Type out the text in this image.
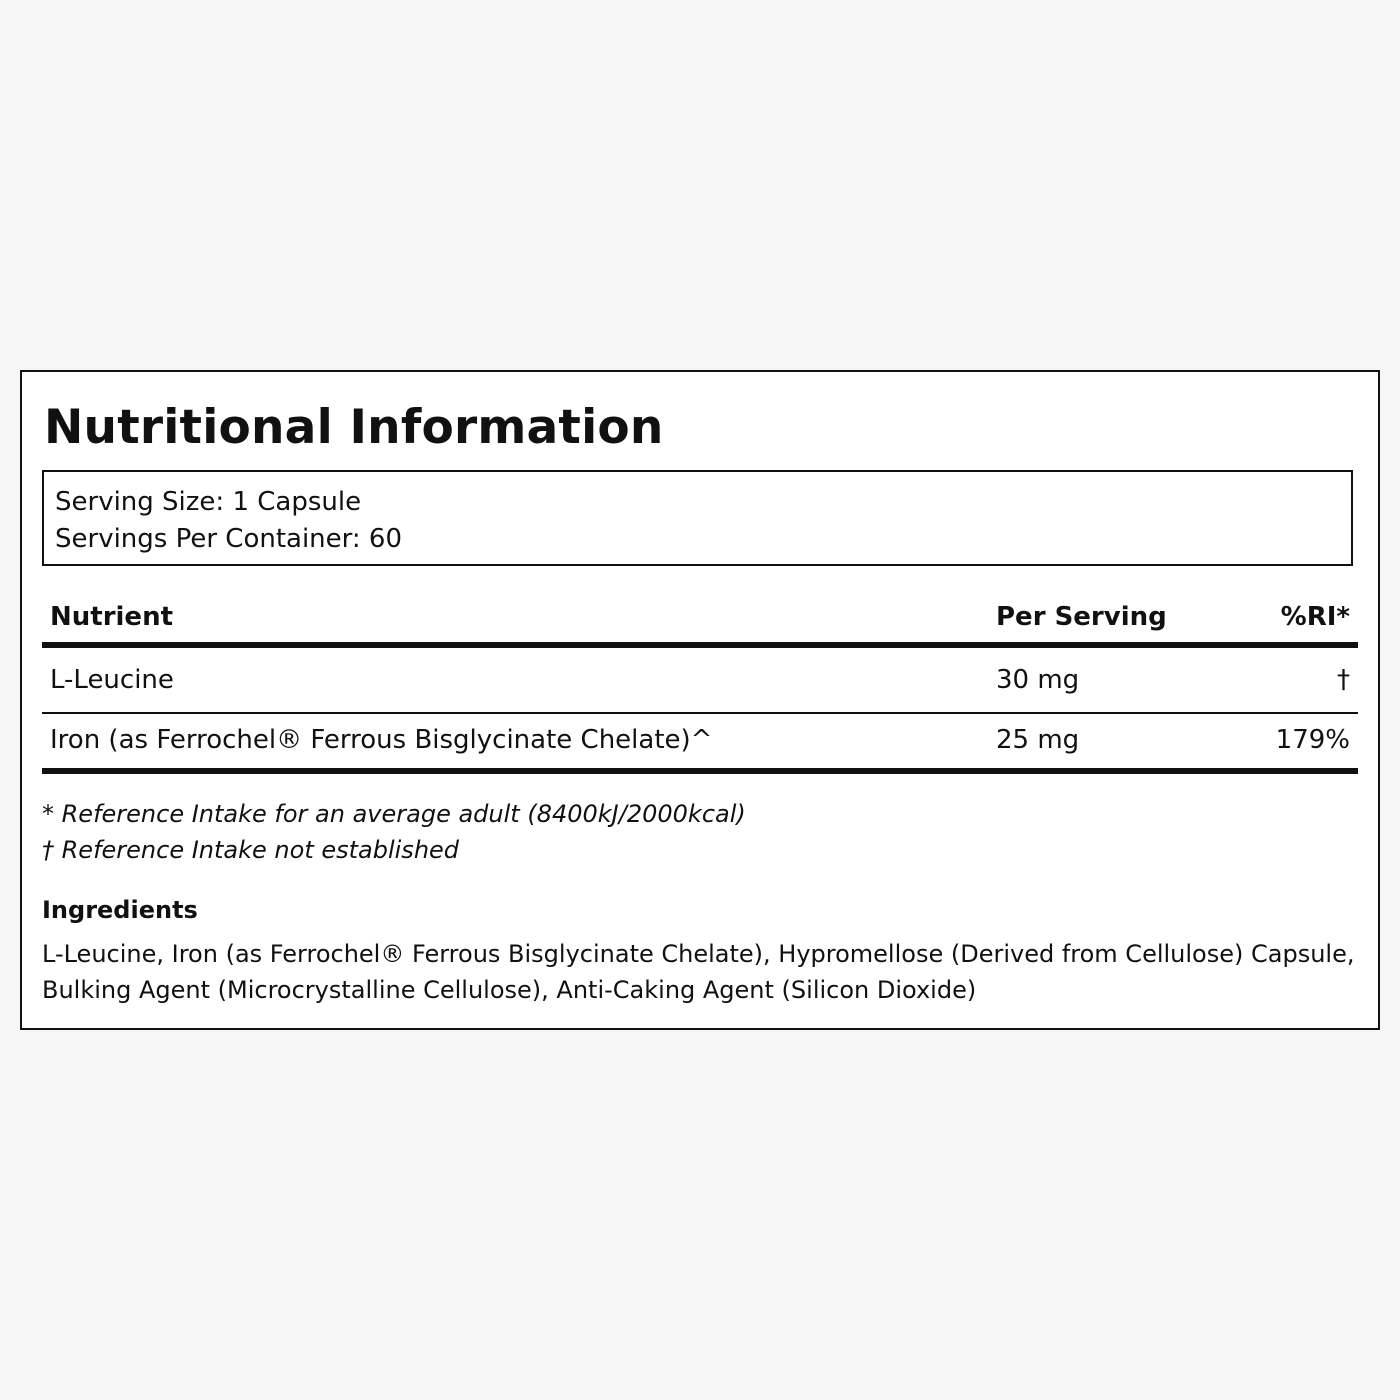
Nutritional Information
Serving Size: 1 Capsule
Servings Per Container: 60
Nutrient	Per Serving	%RI*
L-Leucine	30 mg	†
Iron (as Ferrochel® Ferrous Bisglycinate Chelate)^	25 mg	179%
* Reference Intake for an average adult (8400kJ/2000kcal)
† Reference Intake not established
Ingredients

L-Leucine, Iron (as Ferrochel® Ferrous Bisglycinate Chelate), Hypromellose (Derived from Cellulose) Capsule, Bulking Agent (Microcrystalline Cellulose), Anti-Caking Agent (Silicon Dioxide)
